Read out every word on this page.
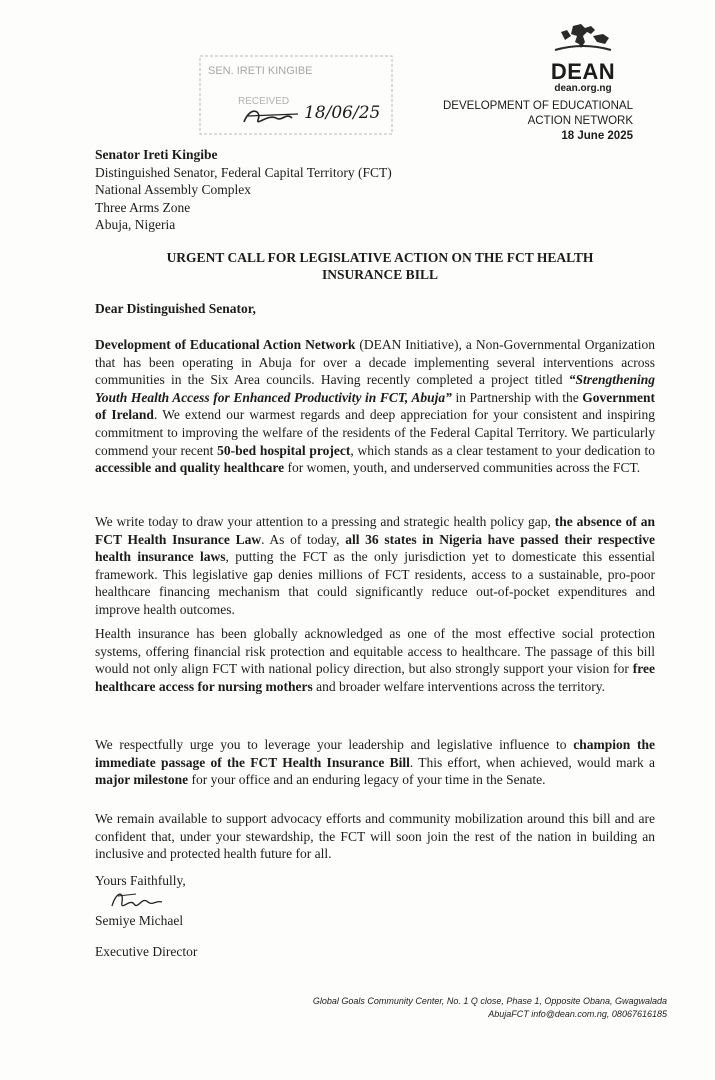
DEAN
dean.org.ng
DEVELOPMENT OF EDUCATIONAL
ACTION NETWORK
18 June 2025
SEN. IRETI KINGIBE
RECEIVED
18/06/25
Senator Ireti Kingibe
Distinguished Senator, Federal Capital Territory (FCT)
National Assembly Complex
Three Arms Zone
Abuja, Nigeria
URGENT CALL FOR LEGISLATIVE ACTION ON THE FCT HEALTH
INSURANCE BILL
Dear Distinguished Senator,
Development of Educational Action Network (DEAN Initiative), a Non-Governmental Organization that has been operating in Abuja for over a decade implementing several interventions across communities in the Six Area councils. Having recently completed a project titled “Strengthening Youth Health Access for Enhanced Productivity in FCT, Abuja” in Partnership with the Government of Ireland. We extend our warmest regards and deep appreciation for your consistent and inspiring commitment to improving the welfare of the residents of the Federal Capital Territory. We particularly commend your recent 50-bed hospital project, which stands as a clear testament to your dedication to accessible and quality healthcare for women, youth, and underserved communities across the FCT.
We write today to draw your attention to a pressing and strategic health policy gap, the absence of an FCT Health Insurance Law. As of today, all 36 states in Nigeria have passed their respective health insurance laws, putting the FCT as the only jurisdiction yet to domesticate this essential framework. This legislative gap denies millions of FCT residents, access to a sustainable, pro-poor healthcare financing mechanism that could significantly reduce out-of-pocket expenditures and improve health outcomes.
Health insurance has been globally acknowledged as one of the most effective social protection systems, offering financial risk protection and equitable access to healthcare. The passage of this bill would not only align FCT with national policy direction, but also strongly support your vision for free healthcare access for nursing mothers and broader welfare interventions across the territory.
We respectfully urge you to leverage your leadership and legislative influence to champion the immediate passage of the FCT Health Insurance Bill. This effort, when achieved, would mark a major milestone for your office and an enduring legacy of your time in the Senate.
We remain available to support advocacy efforts and community mobilization around this bill and are confident that, under your stewardship, the FCT will soon join the rest of the nation in building an inclusive and protected health future for all.
Yours Faithfully,
Semiye Michael
Executive Director
Global Goals Community Center, No. 1 Q close, Phase 1, Opposite Obana, Gwagwalada
AbujaFCT info@dean.com.ng, 08067616185
